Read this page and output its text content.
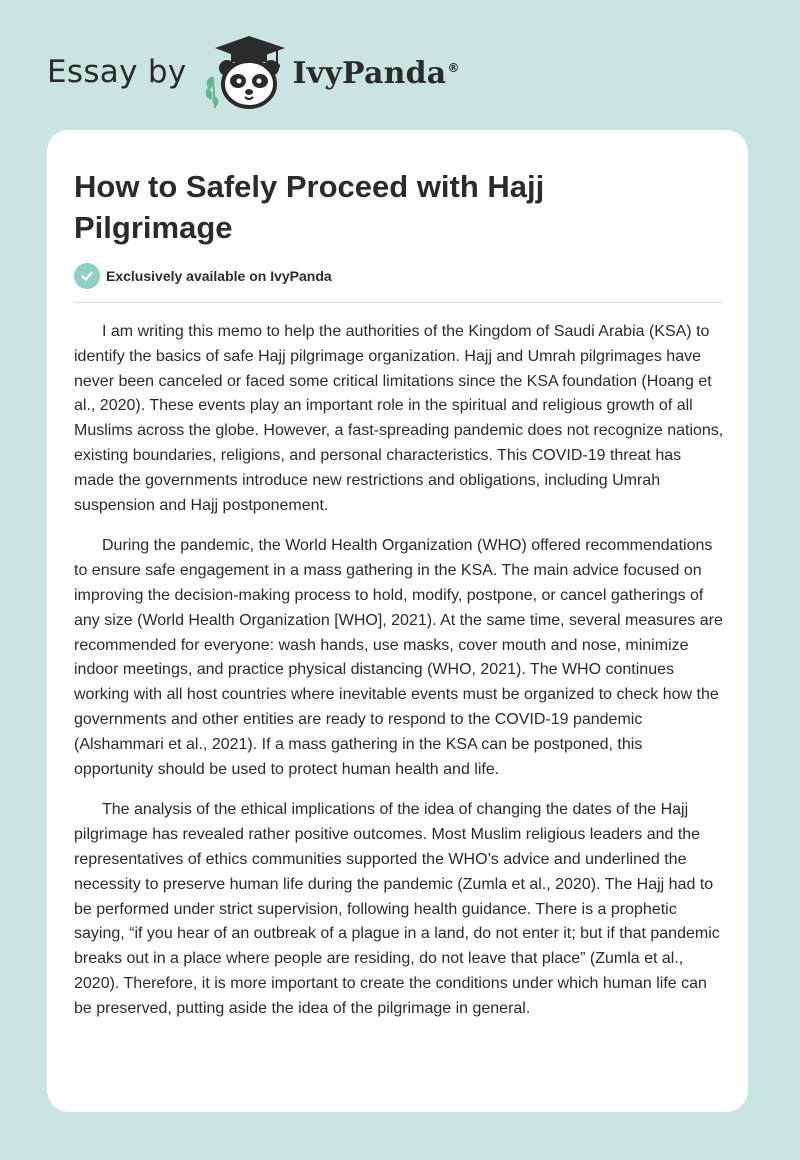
Essay by	IvyPanda®
How to Safely Proceed with Hajj Pilgrimage
Exclusively available on IvyPanda

I am writing this memo to help the authorities of the Kingdom of Saudi Arabia (KSA) to identify the basics of safe Hajj pilgrimage organization. Hajj and Umrah pilgrimages have never been canceled or faced some critical limitations since the KSA foundation (Hoang et al., 2020). These events play an important role in the spiritual and religious growth of all Muslims across the globe. However, a fast-spreading pandemic does not recognize nations, existing boundaries, religions, and personal characteristics. This COVID-19 threat has made the governments introduce new restrictions and obligations, including Umrah suspension and Hajj postponement.

During the pandemic, the World Health Organization (WHO) offered recommendations to ensure safe engagement in a mass gathering in the KSA. The main advice focused on improving the decision-making process to hold, modify, postpone, or cancel gatherings of any size (World Health Organization [WHO], 2021). At the same time, several measures are recommended for everyone: wash hands, use masks, cover mouth and nose, minimize indoor meetings, and practice physical distancing (WHO, 2021). The WHO continues working with all host countries where inevitable events must be organized to check how the governments and other entities are ready to respond to the COVID-19 pandemic (Alshammari et al., 2021). If a mass gathering in the KSA can be postponed, this opportunity should be used to protect human health and life.

The analysis of the ethical implications of the idea of changing the dates of the Hajj pilgrimage has revealed rather positive outcomes. Most Muslim religious leaders and the representatives of ethics communities supported the WHO’s advice and underlined the necessity to preserve human life during the pandemic (Zumla et al., 2020). The Hajj had to be performed under strict supervision, following health guidance. There is a prophetic saying, “if you hear of an outbreak of a plague in a land, do not enter it; but if that pandemic breaks out in a place where people are residing, do not leave that place” (Zumla et al., 2020). Therefore, it is more important to create the conditions under which human life can be preserved, putting aside the idea of the pilgrimage in general.
